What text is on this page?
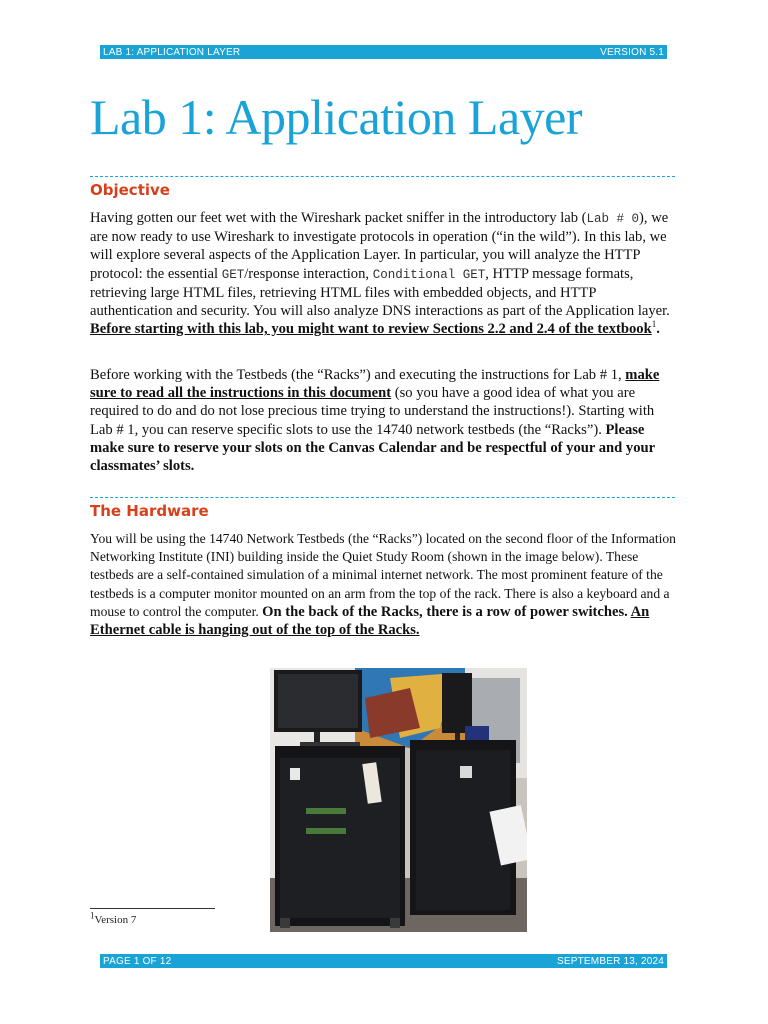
LAB 1: APPLICATION LAYER	VERSION 5.1
Lab 1: Application Layer
Objective

Having gotten our feet wet with the Wireshark packet sniffer in the introductory lab (Lab # 0), we are now ready to use Wireshark to investigate protocols in operation (“in the wild”). In this lab, we will explore several aspects of the Application Layer. In particular, you will analyze the HTTP protocol: the essential GET/response interaction, Conditional GET, HTTP message formats, retrieving large HTML files, retrieving HTML files with embedded objects, and HTTP authentication and security. You will also analyze DNS interactions as part of the Application layer. Before starting with this lab, you might want to review Sections 2.2 and 2.4 of the textbook$^1$.

Before working with the Testbeds (the “Racks”) and executing the instructions for Lab # 1, make sure to read all the instructions in this document (so you have a good idea of what you are required to do and do not lose precious time trying to understand the instructions!). Starting with Lab # 1, you can reserve specific slots to use the 14740 network testbeds (the “Racks”). Please make sure to reserve your slots on the Canvas Calendar and be respectful of your and your classmates’ slots.

The Hardware

You will be using the 14740 Network Testbeds (the “Racks”) located on the second floor of the Information Networking Institute (INI) building inside the Quiet Study Room (shown in the image below). These testbeds are a self-contained simulation of a minimal internet network. The most prominent feature of the testbeds is a computer monitor mounted on an arm from the top of the rack. There is also a keyboard and a mouse to control the computer. On the back of the Racks, there is a row of power switches. An Ethernet cable is hanging out of the top of the Racks.

$^1$Version 7

PAGE 1 OF 12	SEPTEMBER 13, 2024
